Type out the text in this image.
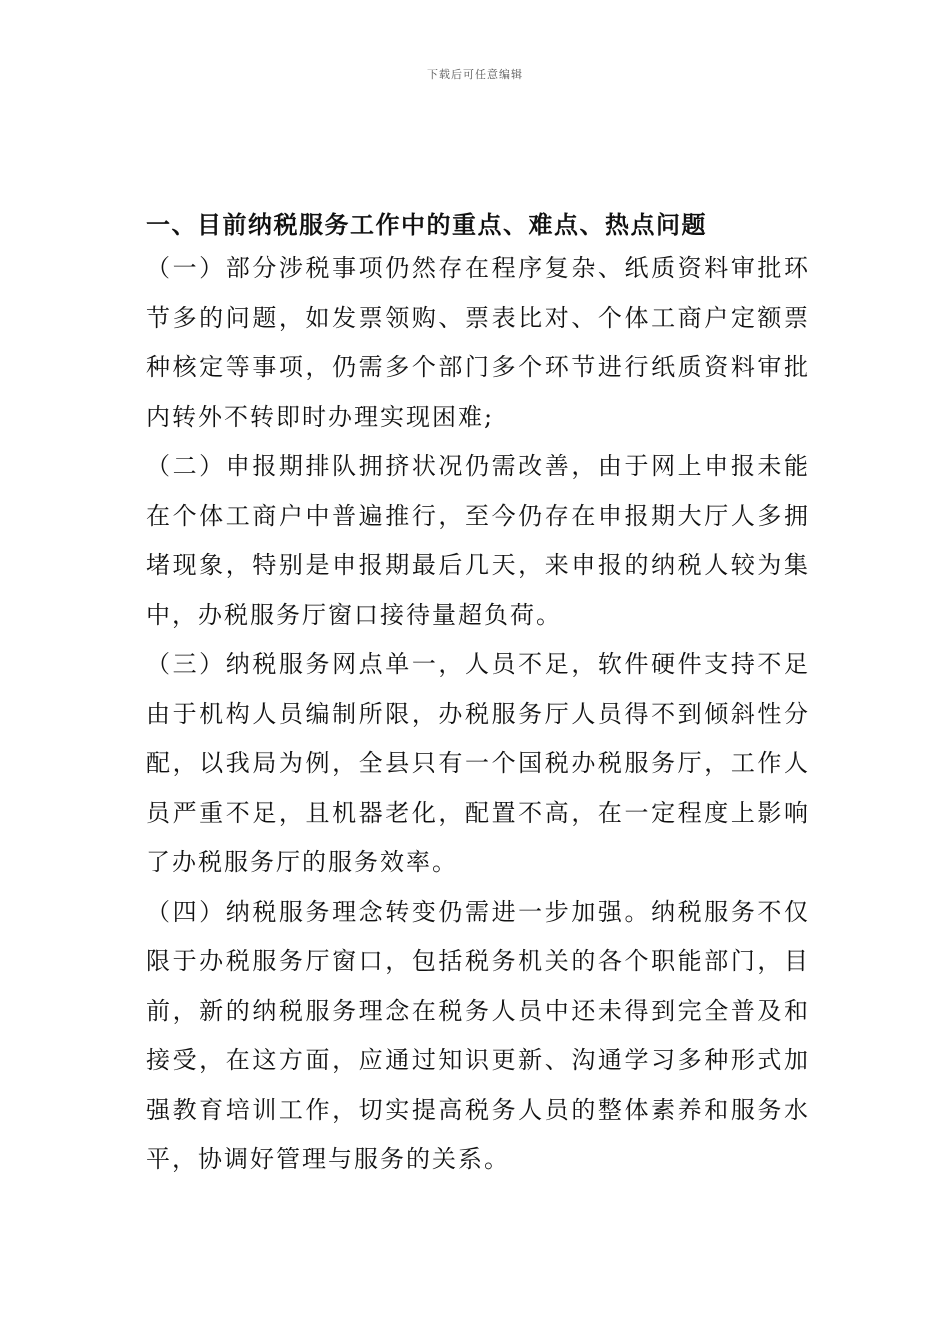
下载后可任意编辑
一、目前纳税服务工作中的重点、难点、热点问题
（一）部分涉税事项仍然存在程序复杂、纸质资料审批环
节多的问题，如发票领购、票表比对、个体工商户定额票
种核定等事项，仍需多个部门多个环节进行纸质资料审批
内转外不转即时办理实现困难;
（二）申报期排队拥挤状况仍需改善，由于网上申报未能
在个体工商户中普遍推行，至今仍存在申报期大厅人多拥
堵现象，特别是申报期最后几天，来申报的纳税人较为集
中，办税服务厅窗口接待量超负荷。
（三）纳税服务网点单一，人员不足，软件硬件支持不足
由于机构人员编制所限，办税服务厅人员得不到倾斜性分
配，以我局为例，全县只有一个国税办税服务厅，工作人
员严重不足，且机器老化，配置不高，在一定程度上影响
了办税服务厅的服务效率。
（四）纳税服务理念转变仍需进一步加强。纳税服务不仅
限于办税服务厅窗口，包括税务机关的各个职能部门，目
前，新的纳税服务理念在税务人员中还未得到完全普及和
接受，在这方面，应通过知识更新、沟通学习多种形式加
强教育培训工作，切实提高税务人员的整体素养和服务水
平，协调好管理与服务的关系。
